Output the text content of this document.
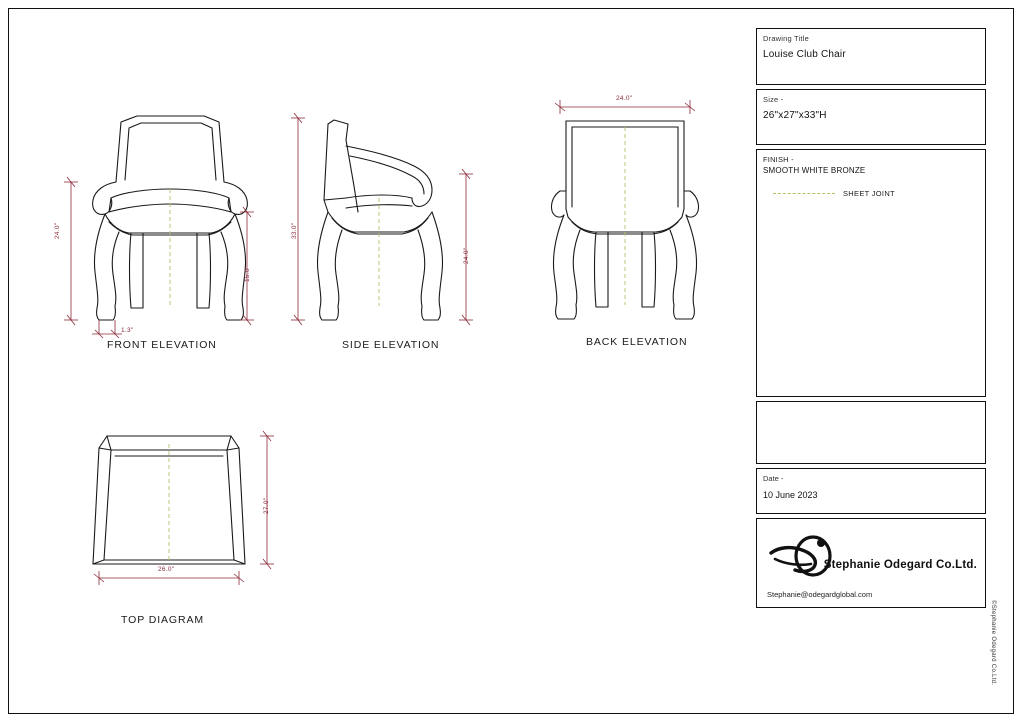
24.0"
15.0"
1.3"
FRONT ELEVATION
33.0"
24.0"
SIDE ELEVATION
24.0"
BACK ELEVATION
27.0"
26.0"
TOP DIAGRAM
Drawing Title
Louise Club Chair
Size -
26"x27"x33"H
FINISH -
SMOOTH WHITE BRONZE
SHEET JOINT
Date -
10 June 2023
Stephanie Odegard Co.Ltd.
Stephanie@odegardglobal.com
©Stephanie Odegard Co.Ltd.
